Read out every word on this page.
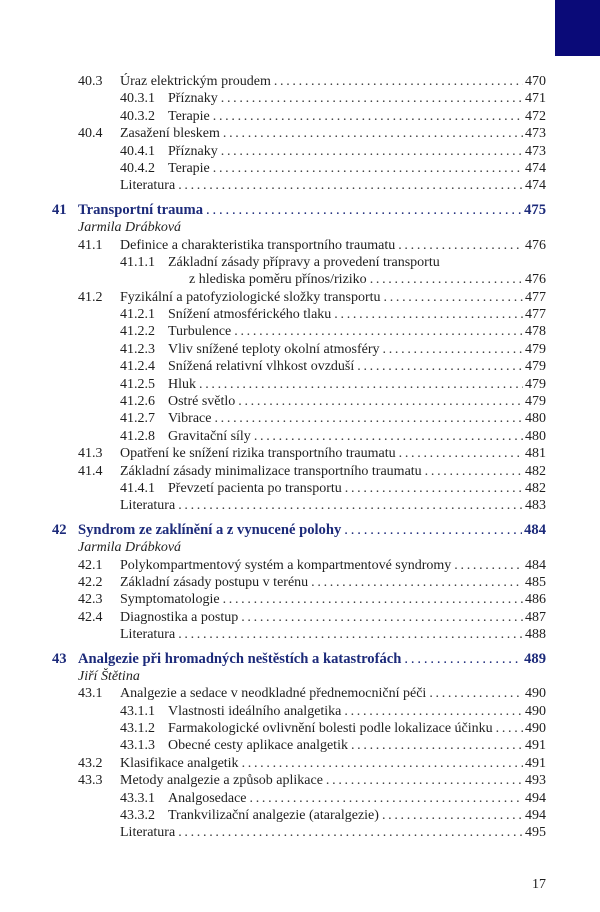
40.3 Úraz elektrickým proudem . . .	470
40.3.1 Příznaky . . .	471
40.3.2 Terapie . . .	472
40.4 Zasažení bleskem . . .	473
40.4.1 Příznaky . . .	473
40.4.2 Terapie . . .	474
Literatura . . .	474
41 Transportní trauma . . .	475
Jarmila Drábková
41.1 Definice a charakteristika transportního traumatu . . .	476
41.1.1 Základní zásady přípravy a provedení transportu
z hlediska poměru přínos/riziko . . .	476
41.2 Fyzikální a patofyziologické složky transportu . . .	477
41.2.1 Snížení atmosférického tlaku . . .	477
41.2.2 Turbulence . . .	478
41.2.3 Vliv snížené teploty okolní atmosféry . . .	479
41.2.4 Snížená relativní vlhkost ovzduší . . .	479
41.2.5 Hluk . . .	479
41.2.6 Ostré světlo . . .	479
41.2.7 Vibrace . . .	480
41.2.8 Gravitační síly . . .	480
41.3 Opatření ke snížení rizika transportního traumatu . . .	481
41.4 Základní zásady minimalizace transportního traumatu . . .	482
41.4.1 Převzetí pacienta po transportu . . .	482
Literatura . . .	483
42 Syndrom ze zaklínění a z vynucené polohy . . .	484
Jarmila Drábková
42.1 Polykompartmentový systém a kompartmentové syndromy . . .	484
42.2 Základní zásady postupu v terénu . . .	485
42.3 Symptomatologie . . .	486
42.4 Diagnostika a postup . . .	487
Literatura . . .	488
43 Analgezie při hromadných neštěstích a katastrofách . . .	489
Jiří Štětina
43.1 Analgezie a sedace v neodkladné přednemocniční péči . . .	490
43.1.1 Vlastnosti ideálního analgetika . . .	490
43.1.2 Farmakologické ovlivnění bolesti podle lokalizace účinku . . . 490
43.1.3 Obecné cesty aplikace analgetik . . .	491
43.2 Klasifikace analgetik . . .	491
43.3 Metody analgezie a způsob aplikace . . .	493
43.3.1 Analgosedace . . .	494
43.3.2 Trankvilizační analgezie (ataralgezie) . . .	494
Literatura . . .	495
17
